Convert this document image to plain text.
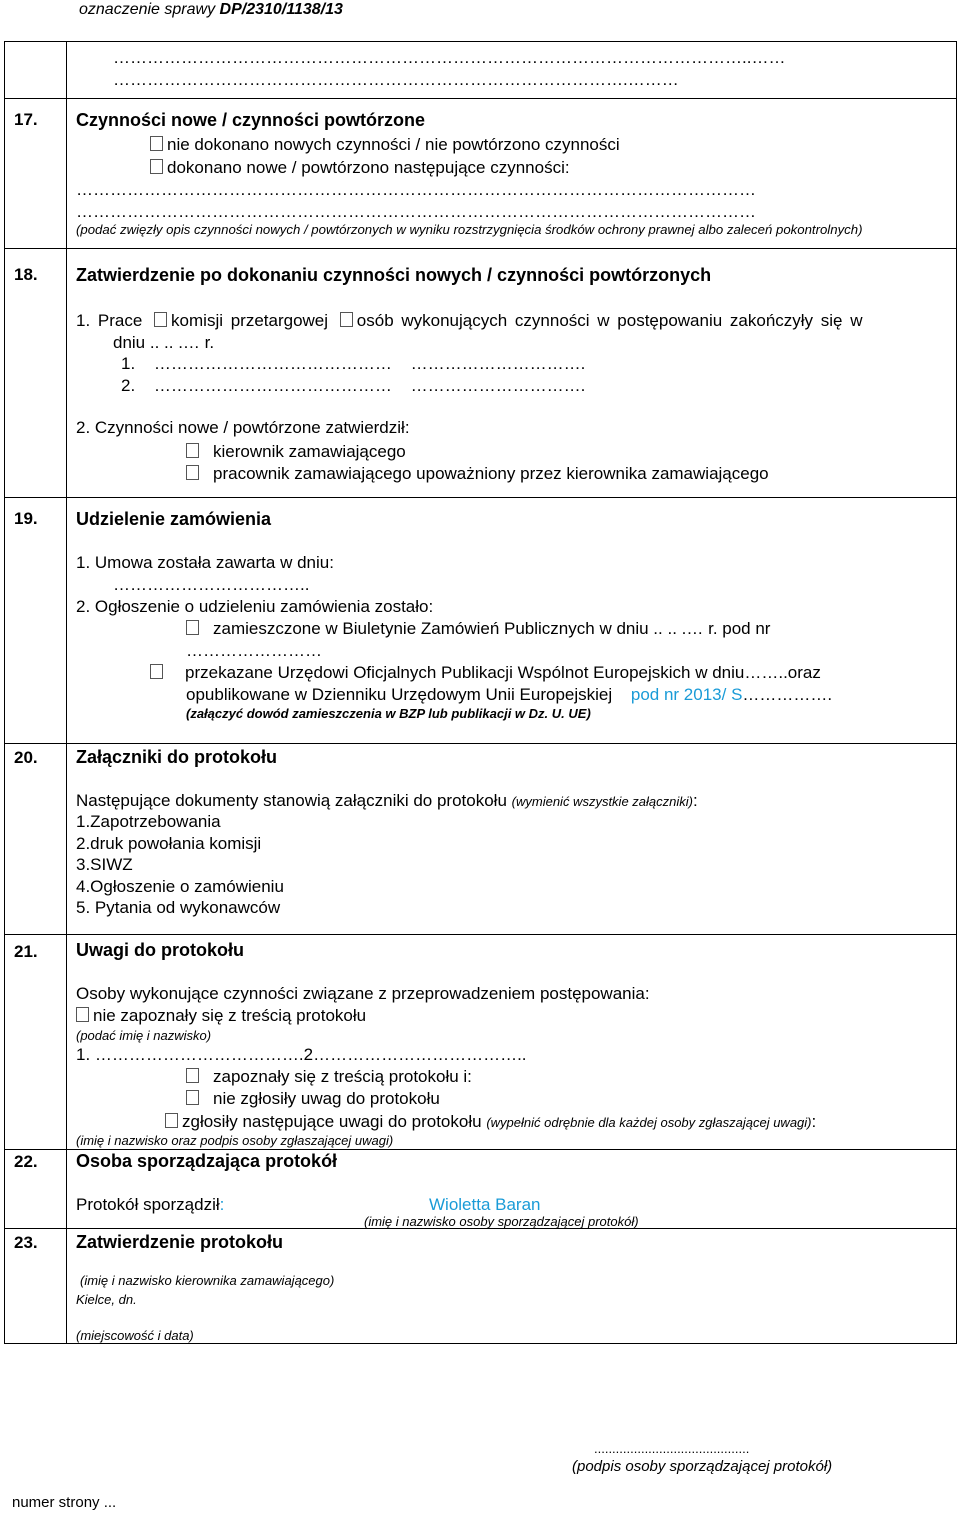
oznaczenie sprawy DP/2310/1138/13
…………………………………………………………………………………………………..……
……………………………………………………………………………….………
17. Czynności nowe / czynności powtórzone
nie dokonano nowych czynności / nie powtórzono czynności
dokonano nowe / powtórzono następujące czynności:
…………………………………………………………………………………………………………
…………………………………………………………………………………………………………
(podać zwięzły opis czynności nowych / powtórzonych w wyniku rozstrzygnięcia środków ochrony prawnej albo zaleceń pokontrolnych)
18. Zatwierdzenie po dokonaniu czynności nowych / czynności powtórzonych
1. Prace komisji przetargowej osób wykonujących czynności w postępowaniu zakończyły się w
dniu .. .. .… r.
1. …………………………………… ………………………….
2. …………………………………… ………………………….
2. Czynności nowe / powtórzone zatwierdził:
kierownik zamawiającego
pracownik zamawiającego upoważniony przez kierownika zamawiającego
19. Udzielenie zamówienia
1. Umowa została zawarta w dniu:
……………………………..
2. Ogłoszenie o udzieleniu zamówienia zostało:
zamieszczone w Biuletynie Zamówień Publicznych w dniu .. .. .… r. pod nr
……………………
przekazane Urzędowi Oficjalnych Publikacji Wspólnot Europejskich w dniu……..oraz
opublikowane w Dzienniku Urzędowym Unii Europejskiej pod nr 2013/ S…………….
(załączyć dowód zamieszczenia w BZP lub publikacji w Dz. U. UE)
20. Załączniki do protokołu
Następujące dokumenty stanowią załączniki do protokołu (wymienić wszystkie załączniki):
1.Zapotrzebowania
2.druk powołania komisji
3.SIWZ
4.Ogłoszenie o zamówieniu
5. Pytania od wykonawców
21. Uwagi do protokołu
Osoby wykonujące czynności związane z przeprowadzeniem postępowania:
nie zapoznały się z treścią protokołu
(podać imię i nazwisko)
1. ……………………………….2………………………………..
zapoznały się z treścią protokołu i:
nie zgłosiły uwag do protokołu
zgłosiły następujące uwagi do protokołu (wypełnić odrębnie dla każdej osoby zgłaszającej uwagi):
(imię i nazwisko oraz podpis osoby zgłaszającej uwagi)
22. Osoba sporządzająca protokół
Protokół sporządził:	Wioletta Baran
(imię i nazwisko osoby sporządzającej protokół)
23. Zatwierdzenie protokołu
(imię i nazwisko kierownika zamawiającego)
Kielce, dn.
(miejscowość i data)
...........................................
(podpis osoby sporządzającej protokół)
numer strony ...
